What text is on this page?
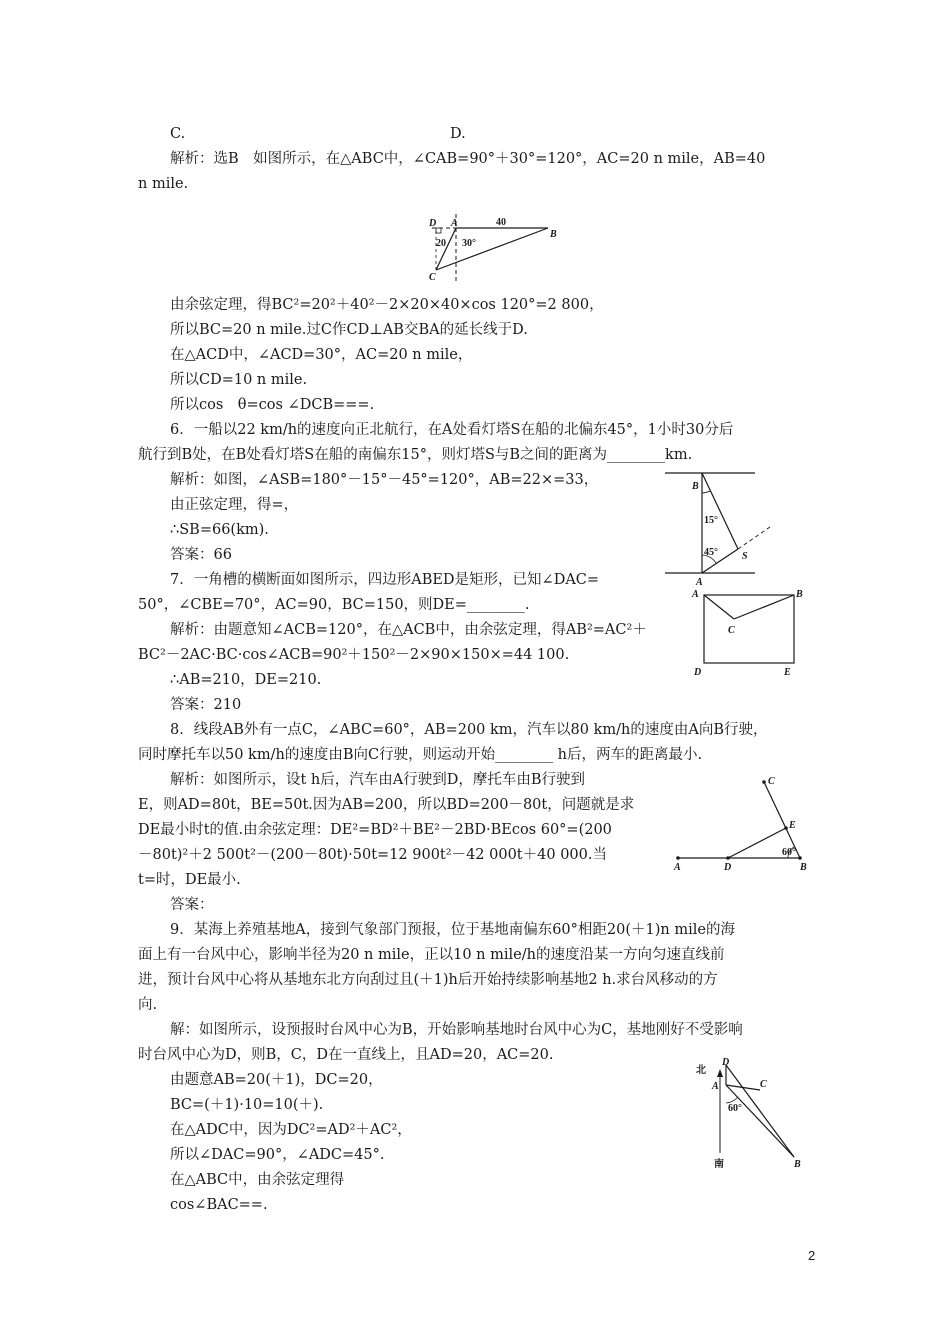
C.	D.
解析：选B　如图所示，在△ABC中，∠CAB=90°＋30°=120°，AC=20 n mile，AB=40
n mile.
由余弦定理，得BC²=20²＋40²－2×20×40×cos 120°=2 800，
所以BC=20 n mile.过C作CD⊥AB交BA的延长线于D.
在△ACD中，∠ACD=30°，AC=20 n mile，
所以CD=10 n mile.
所以cos　θ=cos ∠DCB===.
6．一船以22 km/h的速度向正北航行，在A处看灯塔S在船的北偏东45°，1小时30分后
航行到B处，在B处看灯塔S在船的南偏东15°，则灯塔S与B之间的距离为________km.
解析：如图，∠ASB=180°－15°－45°=120°，AB=22×=33，
由正弦定理，得=，
∴SB=66(km).
答案：66
7．一角槽的横断面如图所示，四边形ABED是矩形，已知∠DAC=
50°，∠CBE=70°，AC=90，BC=150，则DE=________.
解析：由题意知∠ACB=120°，在△ACB中，由余弦定理，得AB²=AC²＋
BC²－2AC·BC·cos∠ACB=90²＋150²－2×90×150×=44 100.
∴AB=210，DE=210.
答案：210
8．线段AB外有一点C，∠ABC=60°，AB=200 km，汽车以80 km/h的速度由A向B行驶，
同时摩托车以50 km/h的速度由B向C行驶，则运动开始________ h后，两车的距离最小.
解析：如图所示，设t h后，汽车由A行驶到D，摩托车由B行驶到
E，则AD=80t，BE=50t.因为AB=200，所以BD=200－80t，问题就是求
DE最小时t的值.由余弦定理：DE²=BD²＋BE²－2BD·BEcos 60°=(200
－80t)²＋2 500t²－(200－80t)·50t=12 900t²－42 000t＋40 000.当
t=时，DE最小.
答案：
9．某海上养殖基地A，接到气象部门预报，位于基地南偏东60°相距20(＋1)n mile的海
面上有一台风中心，影响半径为20 n mile，正以10 n mile/h的速度沿某一方向匀速直线前
进，预计台风中心将从基地东北方向刮过且(＋1)h后开始持续影响基地2 h.求台风移动的方
向.
解：如图所示，设预报时台风中心为B，开始影响基地时台风中心为C，基地刚好不受影响
时台风中心为D，则B，C，D在一直线上，且AD=20，AC=20.
由题意AB=20(＋1)，DC=20，
BC=(＋1)·10=10(＋).
在△ADC中，因为DC²=AD²＋AC²，
所以∠DAC=90°，∠ADC=45°.
在△ABC中，由余弦定理得
cos∠BAC==.
D A	40
B
20 30°
C
B
15°
45° S
A
A	B
C
D	E
C
E
60°
A	D	B
北
D
A	C
60°
南	B
2
